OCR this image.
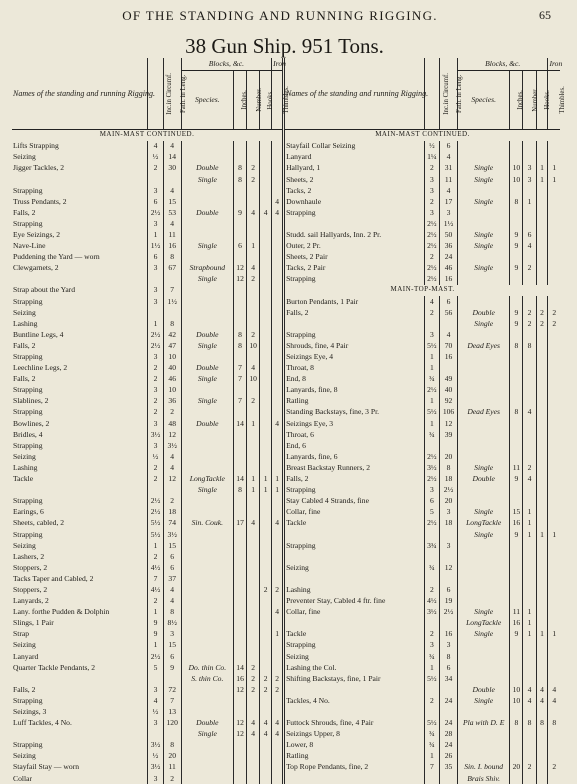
OF THE STANDING AND RUNNING RIGGING.	65
38 Gun Ship. 951 Tons.
Names of the standing and running Rigging.	Inc.in Circumf.	Fath. in Leng.	Blocks, &c.				Iron	Names of the standing and running Rigging.	Inc.in Circumf.	Fath. in Leng.	Blocks, &c.				Iron
			Species.	Inches.	Number.	Hooks.	Thimbles.				Species.	Inches.	Number.	Hooks.	Thimbles.
MAIN-MAST CONTINUED.								MAIN-MAST CONTINUED.							
Lifts Strapping	4	4						Stayfail Collar Seizing	½	6					
Seizing	½	14						Lanyard	1¼	4					
Jigger Tackles, 2	2	30	Double	8	2			Hallyard, 1	2	31	Single	10	3	1	1
			Single	8	2			Sheets, 2	3	11	Single	10	3	1	1
Strapping	3	4						Tacks, 2	3	4					
Truss Pendants, 2	6	15					4	Downhaule	2	17	Single	8	1		
Falls, 2	2½	53	Double	9	4	4	4	Strapping	3	3					
Strapping	3	4							2½	1½					
Eye Seizings, 2	1	11						Studd. sail Hallyards, Inn. 2 Pr.	2½	50	Single	9	6		
Nave-Line	1½	16	Single	6	1			Outer, 2 Pr.	2½	36	Single	9	4		
Puddening the Yard — worn	6	8						Sheets, 2 Pair	2	24					
Clewgarnets, 2	3	67	Strapbound	12	4			Tacks, 2 Pair	2½	46	Single	9	2		
			Single	12	2			Strapping	2½	16					
Strap about the Yard	3	7						MAIN-TOP-MAST.							
Strapping	3	1½						Burton Pendants, 1 Pair	4	6					
Seizing								Falls, 2	2	56	Double	9	2	2	2
Lashing	1	8									Single	9	2	2	2
Buntline Legs, 4	2½	42	Double	8	2			Strapping	3	4					
Falls, 2	2½	47	Single	8	10			Shrouds, fine, 4 Pair	5½	70	Dead Eyes	8	8		
Strapping	3	10						Seizings Eye, 4	1	16					
Leechline Legs, 2	2	40	Double	7	4			Throat, 8	1						
Falls, 2	2	46	Single	7	10			End, 8	¾	49					
Strapping	3	10						Lanyards, fine, 8	2½	40					
Slablines, 2	2	36	Single	7	2			Ratling	1	92					
Strapping	2	2						Standing Backstays, fine, 3 Pr.	5½	106	Dead Eyes	8	4		
Bowlines, 2	3	48	Double	14	1		4	Seizings Eye, 3	1	12					
Bridles, 4	3½	12						Throat, 6	¾	39					
Strapping	3	3½						End, 6							
Seizing	½	4						Lanyards, fine, 6	2½	20					
Lashing	2	4						Breast Backstay Runners, 2	3½	8	Single	11	2		
Tackle	2	12	LongTackle	14	1	1	1	Falls, 2	2½	18	Double	9	4		
			Single	8	1	1	1	Strapping	3	2½					
Strapping	2½	2						Stay Cabled 4 Strands, fine	6	20					
Earings, 6	2½	18						Collar, fine	5	3	Single	15	1		
Sheets, cabled, 2	5½	74	Sin. Couk.	17	4		4	Tackle	2½	18	LongTackle	16	1		
Strapping	5½	3½									Single	9	1	1	1
Seizing	1	15						Strapping	3¾	3					
Lashers, 2	2	6													
Stoppers, 2	4½	6						Seizing	¾	12					
Tacks Taper and Cabled, 2	7	37													
Stoppers, 2	4½	4				2	2	Lashing	2	6					
Lanyards, 2	2	4						Preventer Stay, Cabled 4 ftr. fine	4½	19					
Lany. forthe Pudden & Dolphin	1	8					4	Collar, fine	3½	2½	Single	11	1		
Slings, 1 Pair	9	8½									LongTackle	16	1		
Strap	9	3					1	Tackle	2	16	Single	9	1	1	1
Seizing	1	15						Strapping	3	3					
Lanyard	2½	6						Seizing	¾	8					
Quarter Tackle Pendants, 2	5	9	Do. thin Co.	14	2			Lashing the Col.	1	6					
			S. thin Co.	16	2	2	2	Shifting Backstays, fine, 1 Pair	5½	34					
Falls, 2	3	72		12	2	2	2				Double	10	4	4	4
Strapping	4	7						Tackles, 4 No.	2	24	Single	10	4	4	4
Seizings, 3	½	13													
Luff Tackles, 4 No.	3	120	Double	12	4	4	4	Futtock Shrouds, fine, 4 Pair	5½	24	Pla with D. E	8	8	8	8
			Single	12	4	4	4	Seizings Upper, 8	¾	28					
Strapping	3½	8						Lower, 8	¾	24					
Seizing	½	20						Ratling	1	26					
Stayfail Stay — worn	3½	11						Top Rope Pendants, fine, 2	7	35	Sin. I. bound	20	2		2
Collar	3	2									Brais Shiv.				
